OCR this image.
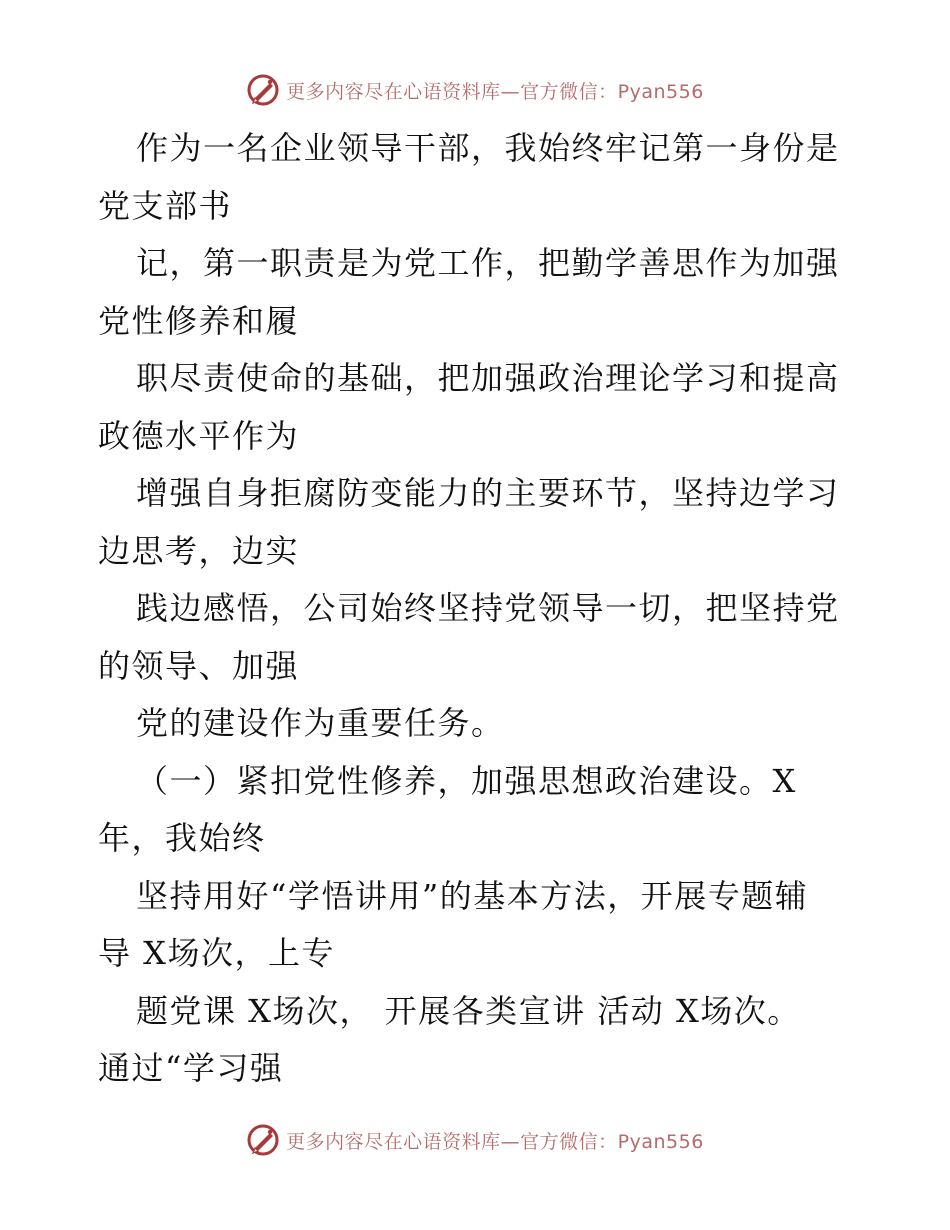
更多内容尽在心语资料库—官方微信：Pyan556
作为一名企业领导干部，我始终牢记第一身份是
党支部书
记，第一职责是为党工作，把勤学善思作为加强
党性修养和履
职尽责使命的基础，把加强政治理论学习和提高
政德水平作为
增强自身拒腐防变能力的主要环节，坚持边学习
边思考，边实
践边感悟，公司始终坚持党领导一切，把坚持党
的领导、加强
党的建设作为重要任务。
（一）紧扣党性修养，加强思想政治建设。X
年，我始终
坚持用好“学悟讲用”的基本方法，开展专题辅
导 X场次，上专
题党课 X场次， 开展各类宣讲 活动 X场次。
通过“学习强
更多内容尽在心语资料库—官方微信：Pyan556
